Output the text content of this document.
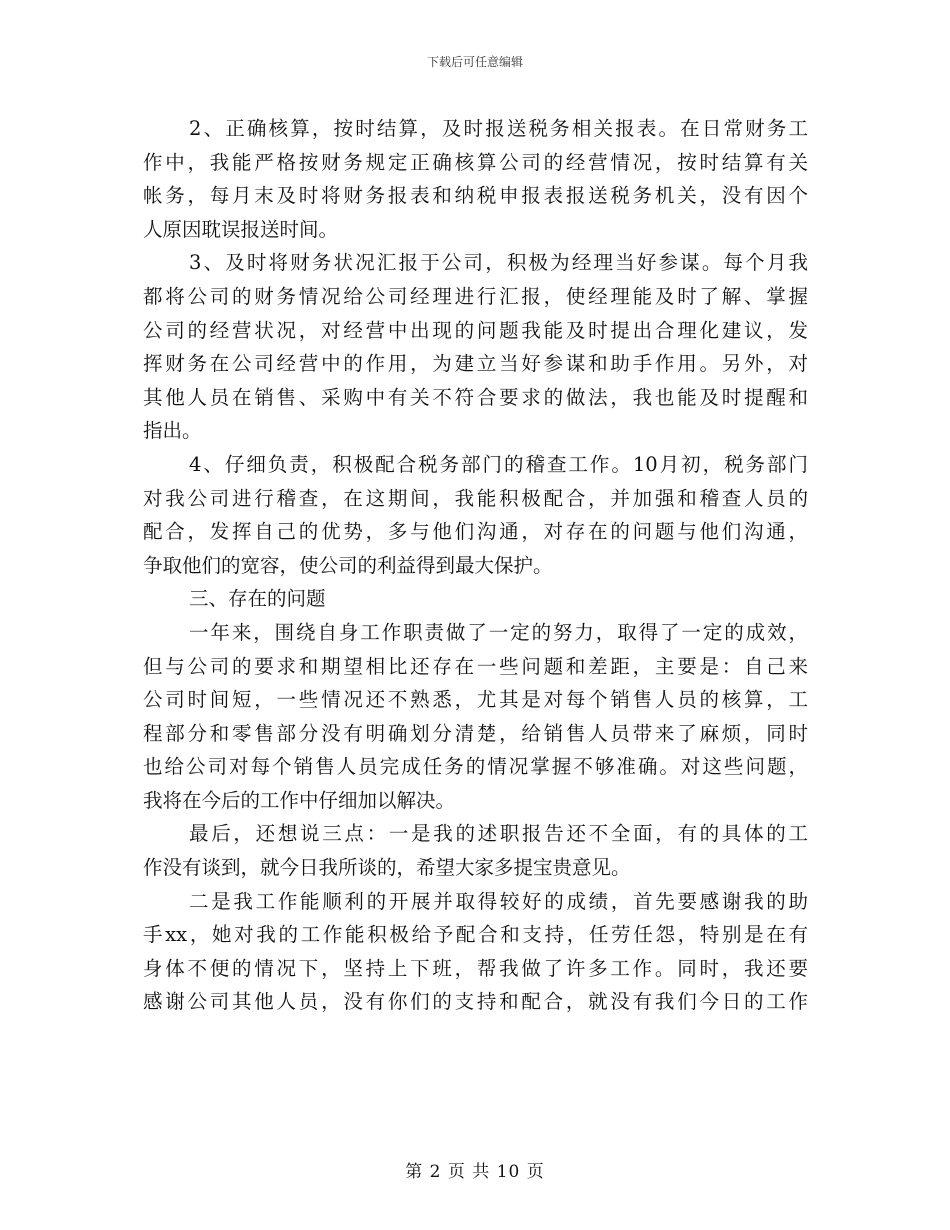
下载后可任意编辑
2、正确核算，按时结算，及时报送税务相关报表。在日常财务工
作中，我能严格按财务规定正确核算公司的经营情况，按时结算有关
帐务，每月末及时将财务报表和纳税申报表报送税务机关，没有因个
人原因耽误报送时间。
3、及时将财务状况汇报于公司，积极为经理当好参谋。每个月我
都将公司的财务情况给公司经理进行汇报，使经理能及时了解、掌握
公司的经营状况，对经营中出现的问题我能及时提出合理化建议，发
挥财务在公司经营中的作用，为建立当好参谋和助手作用。另外，对
其他人员在销售、采购中有关不符合要求的做法，我也能及时提醒和
指出。
4、仔细负责，积极配合税务部门的稽查工作。10月初，税务部门
对我公司进行稽查，在这期间，我能积极配合，并加强和稽查人员的
配合，发挥自己的优势，多与他们沟通，对存在的问题与他们沟通，
争取他们的宽容，使公司的利益得到最大保护。
三、存在的问题
一年来，围绕自身工作职责做了一定的努力，取得了一定的成效，
但与公司的要求和期望相比还存在一些问题和差距，主要是：自己来
公司时间短，一些情况还不熟悉，尤其是对每个销售人员的核算，工
程部分和零售部分没有明确划分清楚，给销售人员带来了麻烦，同时
也给公司对每个销售人员完成任务的情况掌握不够准确。对这些问题，
我将在今后的工作中仔细加以解决。
最后，还想说三点：一是我的述职报告还不全面，有的具体的工
作没有谈到，就今日我所谈的，希望大家多提宝贵意见。
二是我工作能顺利的开展并取得较好的成绩，首先要感谢我的助
手xx，她对我的工作能积极给予配合和支持，任劳任怨，特别是在有
身体不便的情况下，坚持上下班，帮我做了许多工作。同时，我还要
感谢公司其他人员，没有你们的支持和配合，就没有我们今日的工作
第 2 页 共 10 页
